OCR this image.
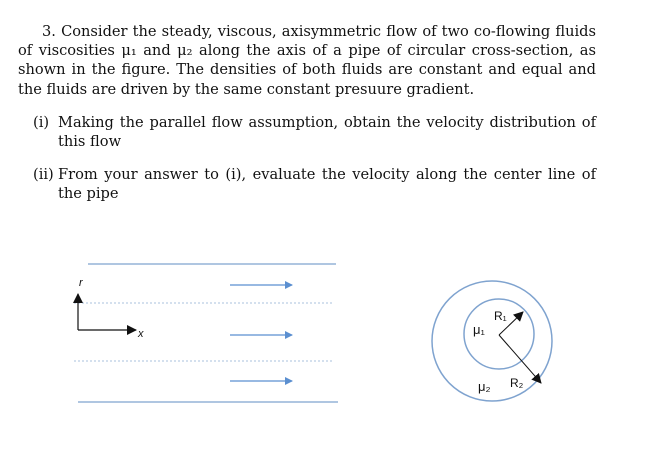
3. Consider the steady, viscous, axisymmetric flow of two co-flowing fluids of viscosities μ₁ and μ₂ along the axis of a pipe of circular cross-section, as shown in the figure. The densities of both fluids are constant and equal and the fluids are driven by the same constant presuure gradient.

(i) Making the parallel flow assumption, obtain the velocity distribution of this flow
(ii) From your answer to (i), evaluate the velocity along the center line of the pipe
r
x	μ₁
R₁
μ₂ R₂
